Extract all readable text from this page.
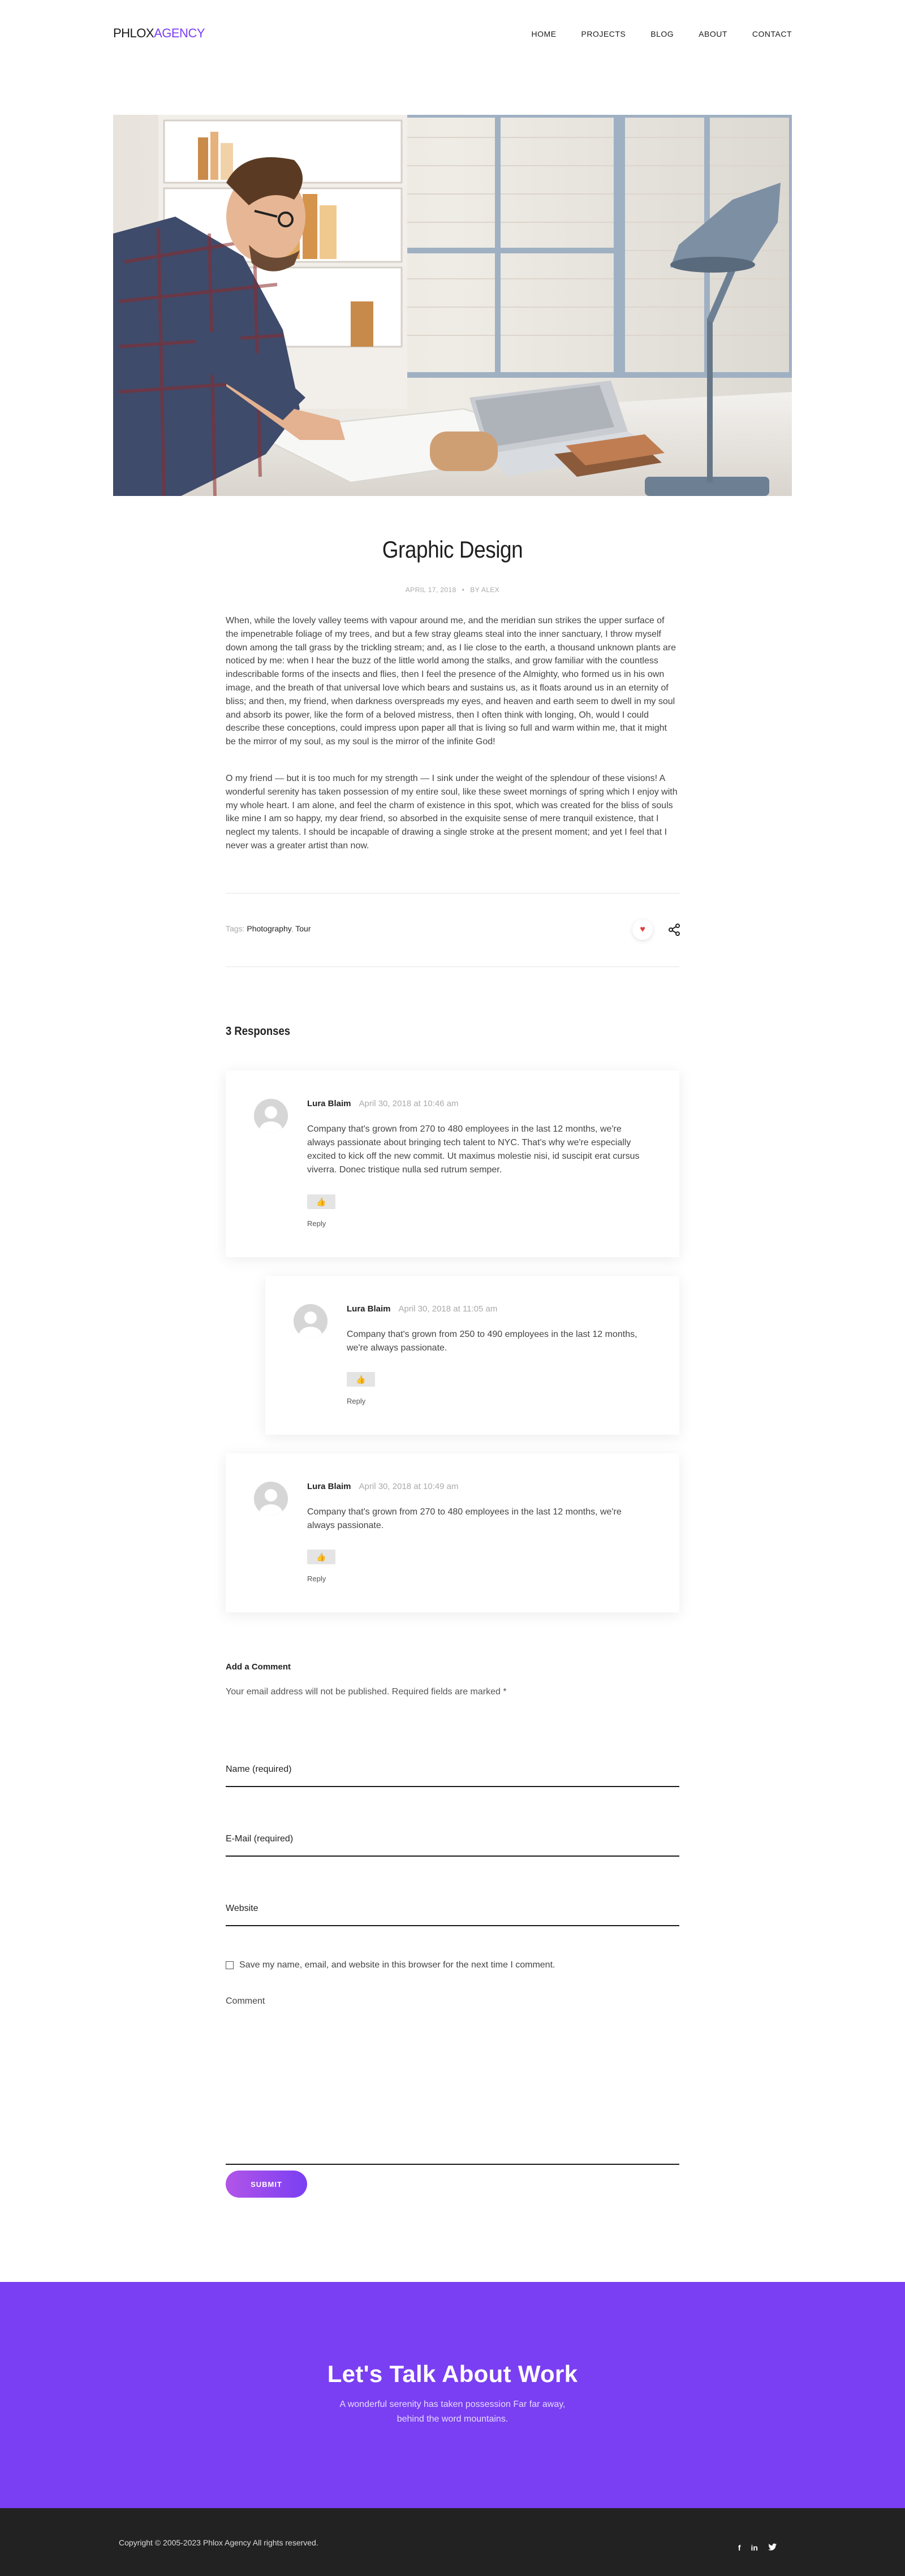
PHLOXAGENCY	HOME	PROJECTS	BLOG	ABOUT	CONTACT
Graphic Design
APRIL 17, 2018 • BY ALEX

When, while the lovely valley teems with vapour around me, and the meridian sun strikes the upper surface of the impenetrable foliage of my trees, and but a few stray gleams steal into the inner sanctuary, I throw myself down among the tall grass by the trickling stream; and, as I lie close to the earth, a thousand unknown plants are noticed by me: when I hear the buzz of the little world among the stalks, and grow familiar with the countless indescribable forms of the insects and flies, then I feel the presence of the Almighty, who formed us in his own image, and the breath of that universal love which bears and sustains us, as it floats around us in an eternity of bliss; and then, my friend, when darkness overspreads my eyes, and heaven and earth seem to dwell in my soul and absorb its power, like the form of a beloved mistress, then I often think with longing, Oh, would I could describe these conceptions, could impress upon paper all that is living so full and warm within me, that it might be the mirror of my soul, as my soul is the mirror of the infinite God!

O my friend — but it is too much for my strength — I sink under the weight of the splendour of these visions! A wonderful serenity has taken possession of my entire soul, like these sweet mornings of spring which I enjoy with my whole heart. I am alone, and feel the charm of existence in this spot, which was created for the bliss of souls like mine I am so happy, my dear friend, so absorbed in the exquisite sense of mere tranquil existence, that I neglect my talents. I should be incapable of drawing a single stroke at the present moment; and yet I feel that I never was a greater artist than now.

Tags: Photography, Tour	♥
3 Responses
Lura Blaim April 30, 2018 at 10:46 am

Company that's grown from 270 to 480 employees in the last 12 months, we're always passionate about bringing tech talent to NYC. That's why we're especially excited to kick off the new commit. Ut maximus molestie nisi, id suscipit erat cursus viverra. Donec tristique nulla sed rutrum semper.

👍
Reply
Lura Blaim April 30, 2018 at 11:05 am

Company that's grown from 250 to 490 employees in the last 12 months, we're always passionate.

👍
Reply
Lura Blaim April 30, 2018 at 10:49 am

Company that's grown from 270 to 480 employees in the last 12 months, we're always passionate.

👍
Reply
Add a Comment

Your email address will not be published. Required fields are marked *

Name (required)
E-Mail (required)
Website
Save my name, email, and website in this browser for the next time I comment.
Comment
SUBMIT
Let's Talk About Work

A wonderful serenity has taken possession Far far away, behind the word mountains.

Copyright © 2005-2023 Phlox Agency All rights reserved.
f in
